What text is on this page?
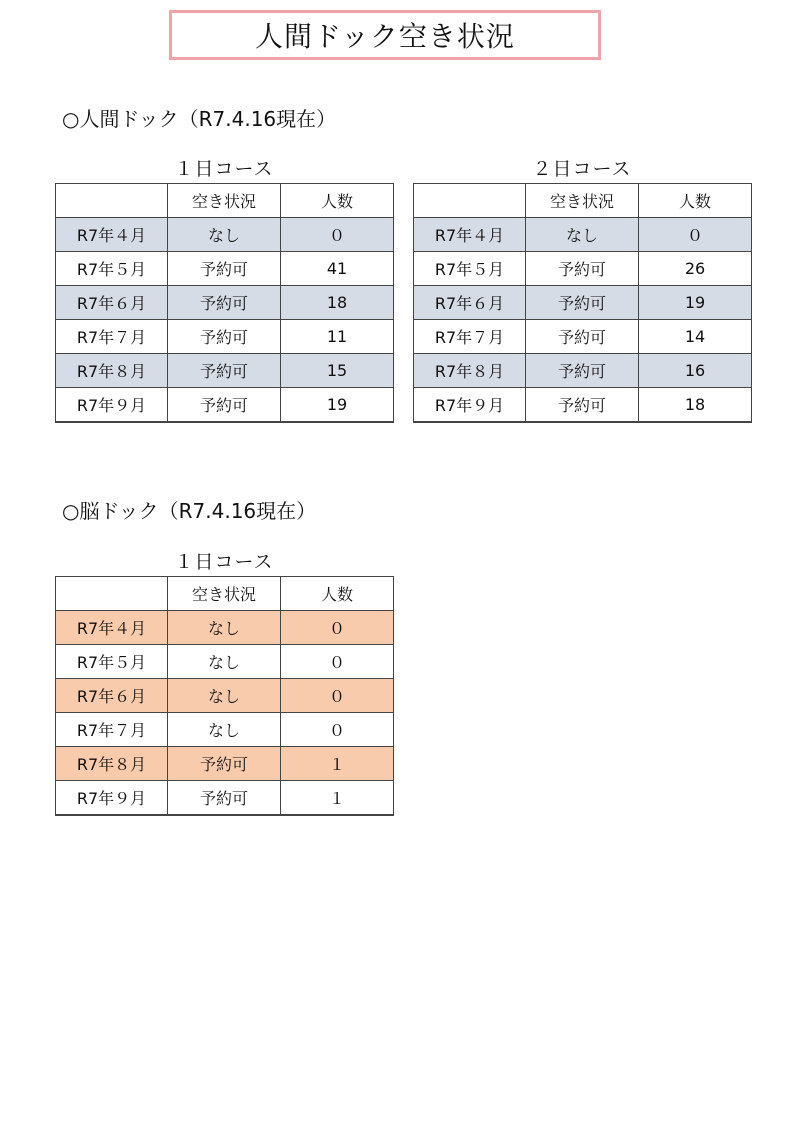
人間ドック空き状況
○人間ドック（R7.4.16現在）
１日コース
	空き状況	人数
R7年４月	なし	０
R7年５月	予約可	41
R7年６月	予約可	18
R7年７月	予約可	11
R7年８月	予約可	15
R7年９月	予約可	19
２日コース
	空き状況	人数
R7年４月	なし	０
R7年５月	予約可	26
R7年６月	予約可	19
R7年７月	予約可	14
R7年８月	予約可	16
R7年９月	予約可	18
○脳ドック（R7.4.16現在）
１日コース
	空き状況	人数
R7年４月	なし	０
R7年５月	なし	０
R7年６月	なし	０
R7年７月	なし	０
R7年８月	予約可	１
R7年９月	予約可	１
